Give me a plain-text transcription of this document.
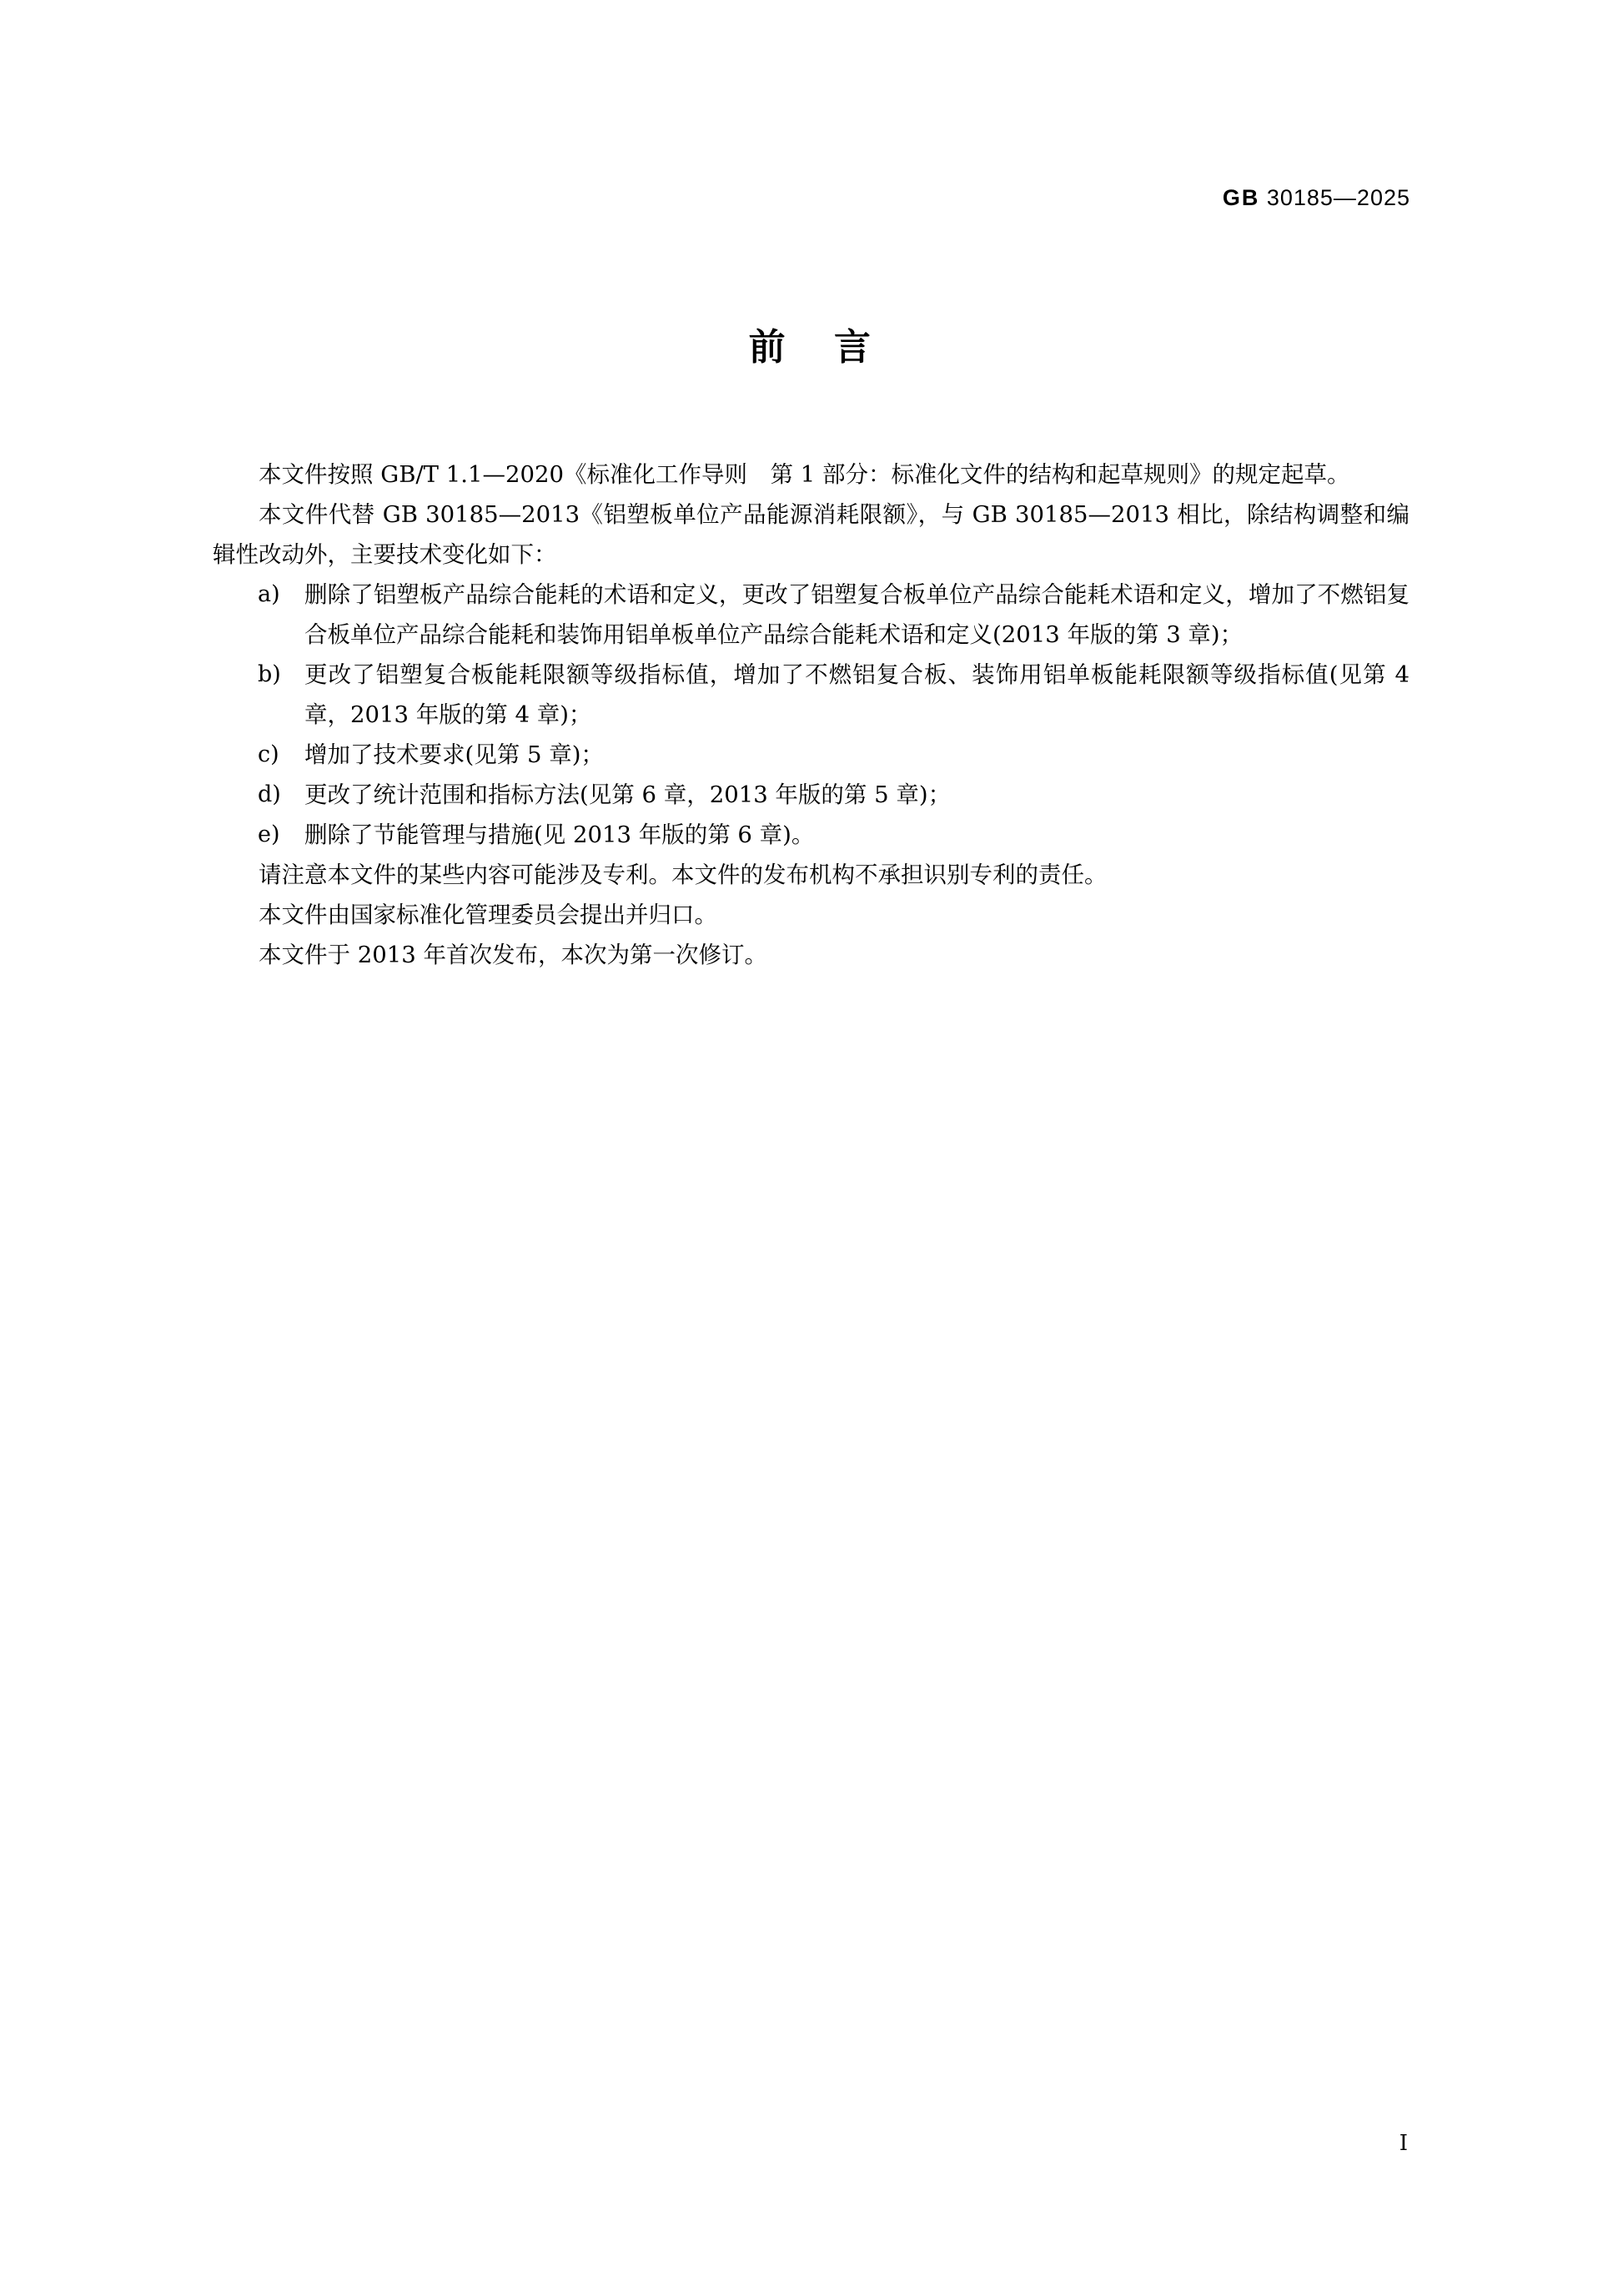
GB 30185—2025
前 言

本文件按照 GB/T 1.1—2020《标准化工作导则　第 1 部分：标准化文件的结构和起草规则》的规定起草。

本文件代替 GB 30185—2013《铝塑板单位产品能源消耗限额》，与 GB 30185—2013 相比，除结构调整和编辑性改动外，主要技术变化如下：

a)	删除了铝塑板产品综合能耗的术语和定义，更改了铝塑复合板单位产品综合能耗术语和定义，增加了不燃铝复合板单位产品综合能耗和装饰用铝单板单位产品综合能耗术语和定义(2013 年版的第 3 章)；
b)	更改了铝塑复合板能耗限额等级指标值，增加了不燃铝复合板、装饰用铝单板能耗限额等级指标值(见第 4 章，2013 年版的第 4 章)；
c)	增加了技术要求(见第 5 章)；
d)	更改了统计范围和指标方法(见第 6 章，2013 年版的第 5 章)；
e)	删除了节能管理与措施(见 2013 年版的第 6 章)。

请注意本文件的某些内容可能涉及专利。本文件的发布机构不承担识别专利的责任。

本文件由国家标准化管理委员会提出并归口。

本文件于 2013 年首次发布，本次为第一次修订。

I
